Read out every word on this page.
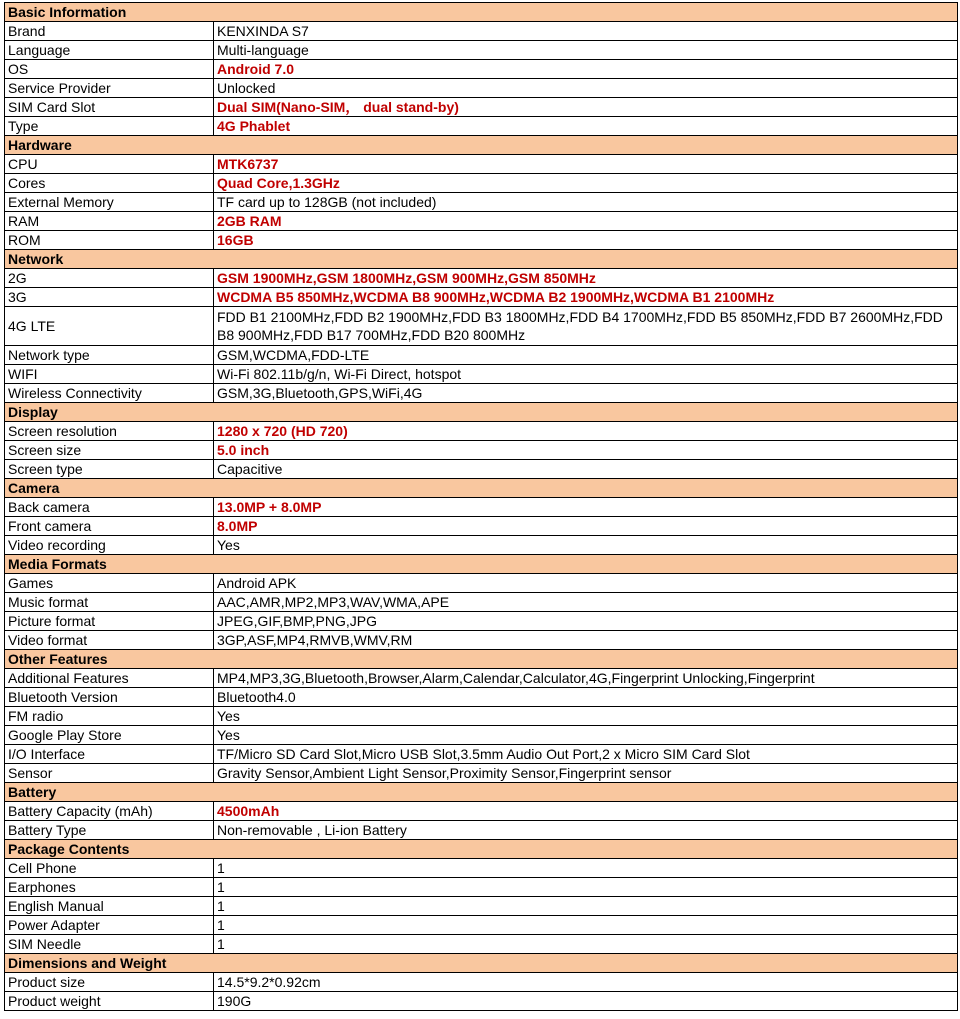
Basic Information	
Brand	KENXINDA S7
Language	Multi-language
OS	Android 7.0
Service Provider	Unlocked
SIM Card Slot	Dual SIM(Nano-SIM， dual stand-by)
Type	4G Phablet
Hardware	
CPU	MTK6737
Cores	Quad Core,1.3GHz
External Memory	TF card up to 128GB (not included)
RAM	2GB RAM
ROM	16GB
Network	
2G	GSM 1900MHz,GSM 1800MHz,GSM 900MHz,GSM 850MHz
3G	WCDMA B5 850MHz,WCDMA B8 900MHz,WCDMA B2 1900MHz,WCDMA B1 2100MHz
4G LTE	FDD B1 2100MHz,FDD B2 1900MHz,FDD B3 1800MHz,FDD B4 1700MHz,FDD B5 850MHz,FDD B7 2600MHz,FDD B8 900MHz,FDD B17 700MHz,FDD B20 800MHz
Network type	GSM,WCDMA,FDD-LTE
WIFI	Wi-Fi 802.11b/g/n, Wi-Fi Direct, hotspot
Wireless Connectivity	GSM,3G,Bluetooth,GPS,WiFi,4G
Display	
Screen resolution	1280 x 720 (HD 720)
Screen size	5.0 inch
Screen type	Capacitive
Camera	
Back camera	13.0MP + 8.0MP
Front camera	8.0MP
Video recording	Yes
Media Formats	
Games	Android APK
Music format	AAC,AMR,MP2,MP3,WAV,WMA,APE
Picture format	JPEG,GIF,BMP,PNG,JPG
Video format	3GP,ASF,MP4,RMVB,WMV,RM
Other Features	
Additional Features	MP4,MP3,3G,Bluetooth,Browser,Alarm,Calendar,Calculator,4G,Fingerprint Unlocking,Fingerprint
Bluetooth Version	Bluetooth4.0
FM radio	Yes
Google Play Store	Yes
I/O Interface	TF/Micro SD Card Slot,Micro USB Slot,3.5mm Audio Out Port,2 x Micro SIM Card Slot
Sensor	Gravity Sensor,Ambient Light Sensor,Proximity Sensor,Fingerprint sensor
Battery	
Battery Capacity (mAh)	4500mAh
Battery Type	Non-removable , Li-ion Battery
Package Contents	
Cell Phone	1
Earphones	1
English Manual	1
Power Adapter	1
SIM Needle	1
Dimensions and Weight	
Product size	14.5*9.2*0.92cm
Product weight	190G
